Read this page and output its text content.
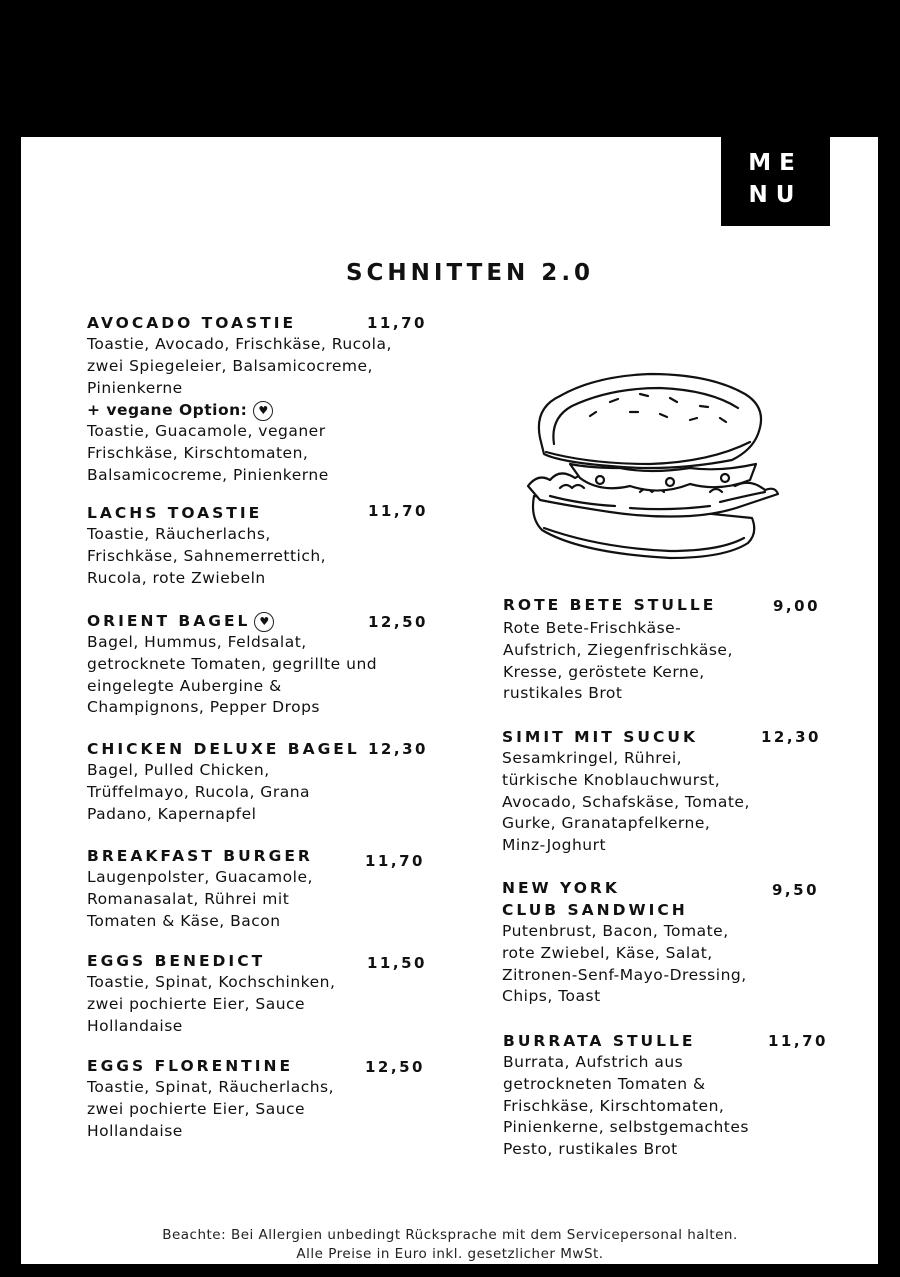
ME
NU
SCHNITTEN 2.0
AVOCADO TOASTIE	11,70
Toastie, Avocado, Frischkäse, Rucola,
zwei Spiegeleier, Balsamicocreme,
Pinienkerne
+ vegane Option:♥
Toastie, Guacamole, veganer
Frischkäse, Kirschtomaten,
Balsamicocreme, Pinienkerne
LACHS TOASTIE	11,70
Toastie, Räucherlachs,
Frischkäse, Sahnemerrettich,
Rucola, rote Zwiebeln
ORIENT BAGEL♥	12,50
Bagel, Hummus, Feldsalat,
getrocknete Tomaten, gegrillte und
eingelegte Aubergine &
Champignons, Pepper Drops
CHICKEN DELUXE BAGEL 12,30
Bagel, Pulled Chicken,
Trüffelmayo, Rucola, Grana
Padano, Kapernapfel
BREAKFAST BURGER	11,70
Laugenpolster, Guacamole,
Romanasalat, Rührei mit
Tomaten & Käse, Bacon
EGGS BENEDICT	11,50
Toastie, Spinat, Kochschinken,
zwei pochierte Eier, Sauce
Hollandaise
EGGS FLORENTINE	12,50
Toastie, Spinat, Räucherlachs,
zwei pochierte Eier, Sauce
Hollandaise
ROTE BETE STULLE	9,00
Rote Bete-Frischkäse-
Aufstrich, Ziegenfrischkäse,
Kresse, geröstete Kerne,
rustikales Brot
SIMIT MIT SUCUK	12,30
Sesamkringel, Rührei,
türkische Knoblauchwurst,
Avocado, Schafskäse, Tomate,
Gurke, Granatapfelkerne,
Minz-Joghurt
NEW YORK
CLUB SANDWICH
9,50
Putenbrust, Bacon, Tomate,
rote Zwiebel, Käse, Salat,
Zitronen-Senf-Mayo-Dressing,
Chips, Toast
BURRATA STULLE	11,70
Burrata, Aufstrich aus
getrockneten Tomaten &
Frischkäse, Kirschtomaten,
Pinienkerne, selbstgemachtes
Pesto, rustikales Brot
Beachte: Bei Allergien unbedingt Rücksprache mit dem Servicepersonal halten.
Alle Preise in Euro inkl. gesetzlicher MwSt.
